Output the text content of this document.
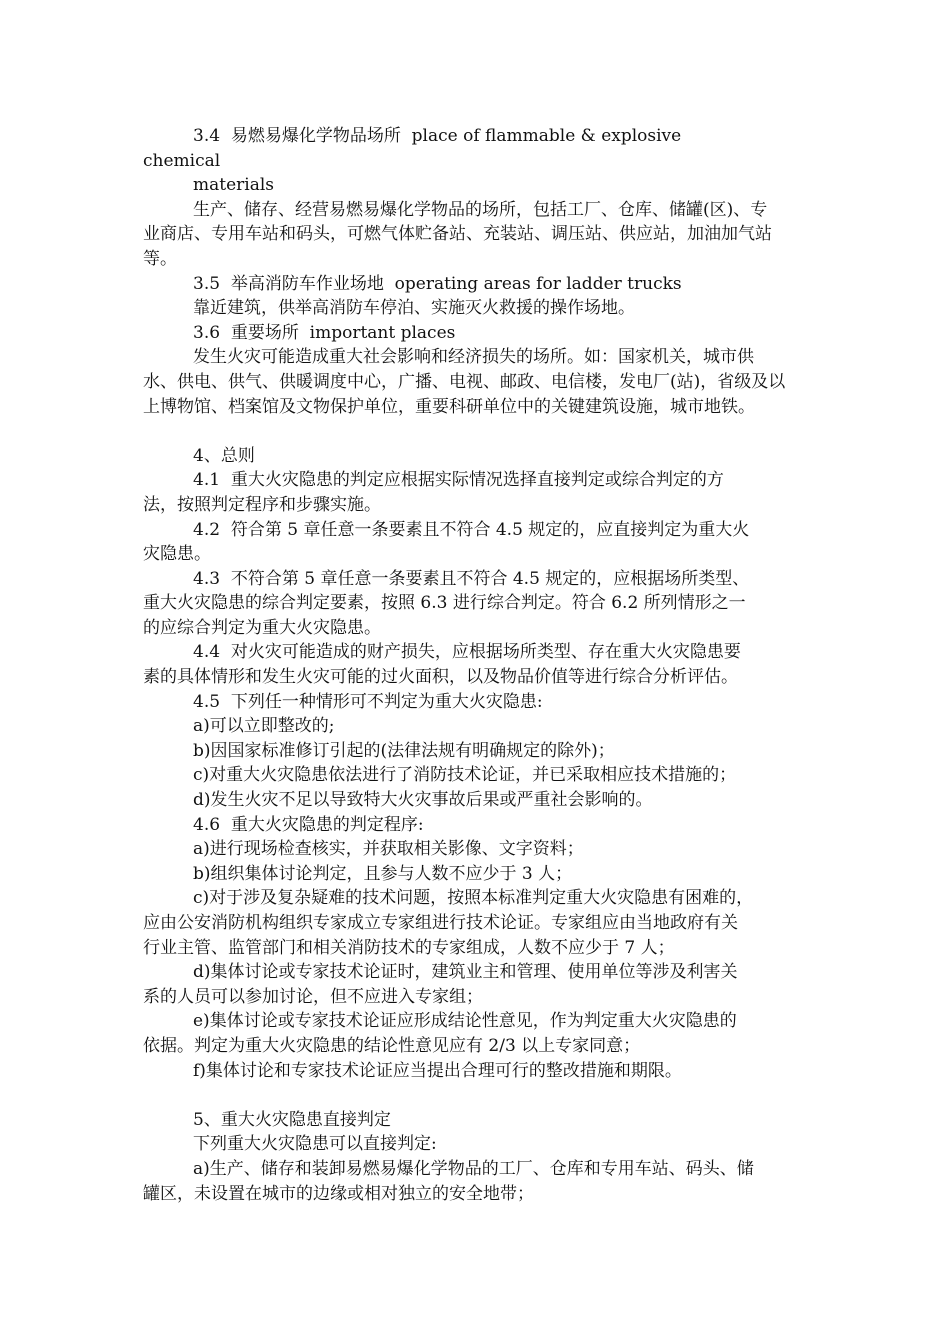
3.4  易燃易爆化学物品场所  place of flammable & explosive
chemical
materials
生产、储存、经营易燃易爆化学物品的场所，包括工厂、仓库、储罐(区)、专
业商店、专用车站和码头，可燃气体贮备站、充装站、调压站、供应站，加油加气站
等。
3.5  举高消防车作业场地  operating areas for ladder trucks
靠近建筑，供举高消防车停泊、实施灭火救援的操作场地。
3.6  重要场所  important places
发生火灾可能造成重大社会影响和经济损失的场所。如：国家机关，城市供
水、供电、供气、供暖调度中心，广播、电视、邮政、电信楼，发电厂(站)，省级及以
上博物馆、档案馆及文物保护单位，重要科研单位中的关键建筑设施，城市地铁。
4、总则
4.1  重大火灾隐患的判定应根据实际情况选择直接判定或综合判定的方
法，按照判定程序和步骤实施。
4.2  符合第 5 章任意一条要素且不符合 4.5 规定的，应直接判定为重大火
灾隐患。
4.3  不符合第 5 章任意一条要素且不符合 4.5 规定的，应根据场所类型、
重大火灾隐患的综合判定要素，按照 6.3 进行综合判定。符合 6.2 所列情形之一
的应综合判定为重大火灾隐患。
4.4  对火灾可能造成的财产损失，应根据场所类型、存在重大火灾隐患要
素的具体情形和发生火灾可能的过火面积，以及物品价值等进行综合分析评估。
4.5  下列任一种情形可不判定为重大火灾隐患:
a)可以立即整改的;
b)因国家标准修订引起的(法律法规有明确规定的除外)；
c)对重大火灾隐患依法进行了消防技术论证，并已采取相应技术措施的；
d)发生火灾不足以导致特大火灾事故后果或严重社会影响的。
4.6  重大火灾隐患的判定程序:
a)进行现场检查核实，并获取相关影像、文字资料；
b)组织集体讨论判定，且参与人数不应少于 3 人；
c)对于涉及复杂疑难的技术问题，按照本标准判定重大火灾隐患有困难的，
应由公安消防机构组织专家成立专家组进行技术论证。专家组应由当地政府有关
行业主管、监管部门和相关消防技术的专家组成，人数不应少于 7 人；
d)集体讨论或专家技术论证时，建筑业主和管理、使用单位等涉及利害关
系的人员可以参加讨论，但不应进入专家组；
e)集体讨论或专家技术论证应形成结论性意见，作为判定重大火灾隐患的
依据。判定为重大火灾隐患的结论性意见应有 2/3 以上专家同意；
f)集体讨论和专家技术论证应当提出合理可行的整改措施和期限。
5、重大火灾隐患直接判定
下列重大火灾隐患可以直接判定:
a)生产、储存和装卸易燃易爆化学物品的工厂、仓库和专用车站、码头、储
罐区，未设置在城市的边缘或相对独立的安全地带；
